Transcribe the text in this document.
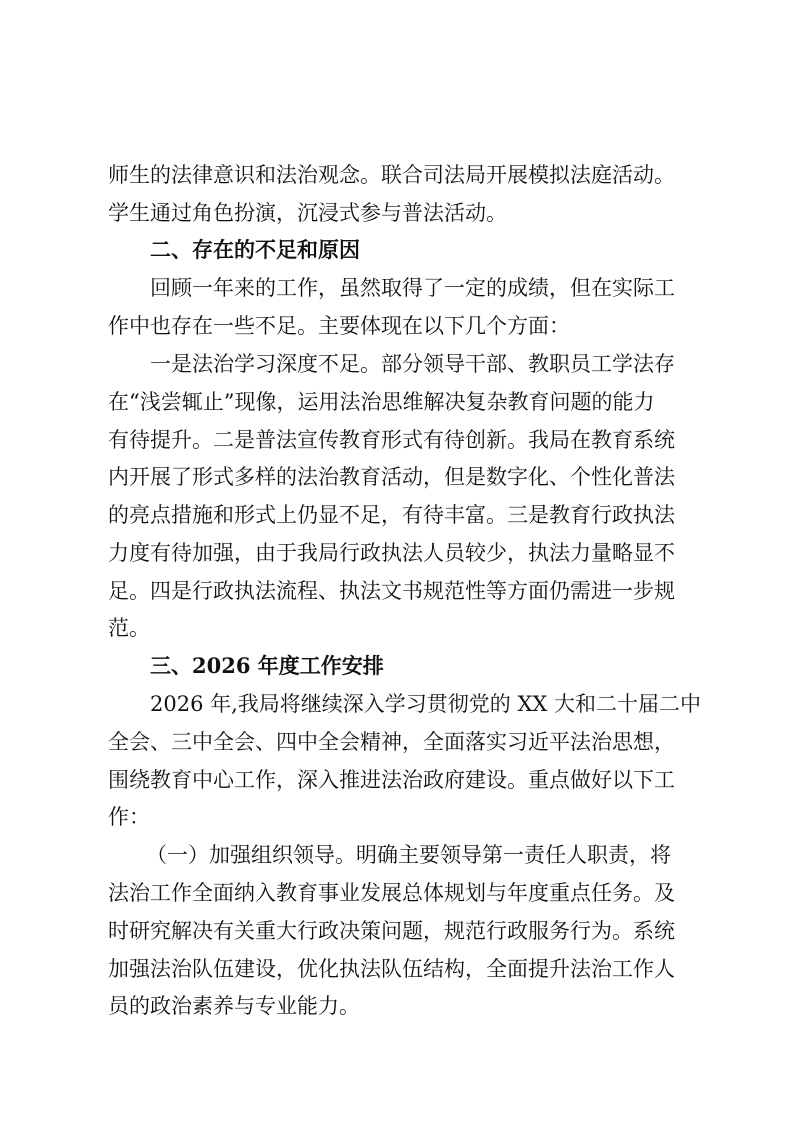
师生的法律意识和法治观念。联合司法局开展模拟法庭活动。
学生通过角色扮演，沉浸式参与普法活动。
二、存在的不足和原因
回顾一年来的工作，虽然取得了一定的成绩，但在实际工
作中也存在一些不足。主要体现在以下几个方面：
一是法治学习深度不足。部分领导干部、教职员工学法存
在“浅尝辄止”现像，运用法治思维解决复杂教育问题的能力
有待提升。二是普法宣传教育形式有待创新。我局在教育系统
内开展了形式多样的法治教育活动，但是数字化、个性化普法
的亮点措施和形式上仍显不足，有待丰富。三是教育行政执法
力度有待加强，由于我局行政执法人员较少，执法力量略显不
足。四是行政执法流程、执法文书规范性等方面仍需进一步规
范。
三、2026 年度工作安排
2026 年,我局将继续深入学习贯彻党的 XX 大和二十届二中
全会、三中全会、四中全会精神，全面落实习近平法治思想，
围绕教育中心工作，深入推进法治政府建设。重点做好以下工
作：
（一）加强组织领导。明确主要领导第一责任人职责，将
法治工作全面纳入教育事业发展总体规划与年度重点任务。及
时研究解决有关重大行政决策问题，规范行政服务行为。系统
加强法治队伍建设，优化执法队伍结构，全面提升法治工作人
员的政治素养与专业能力。
